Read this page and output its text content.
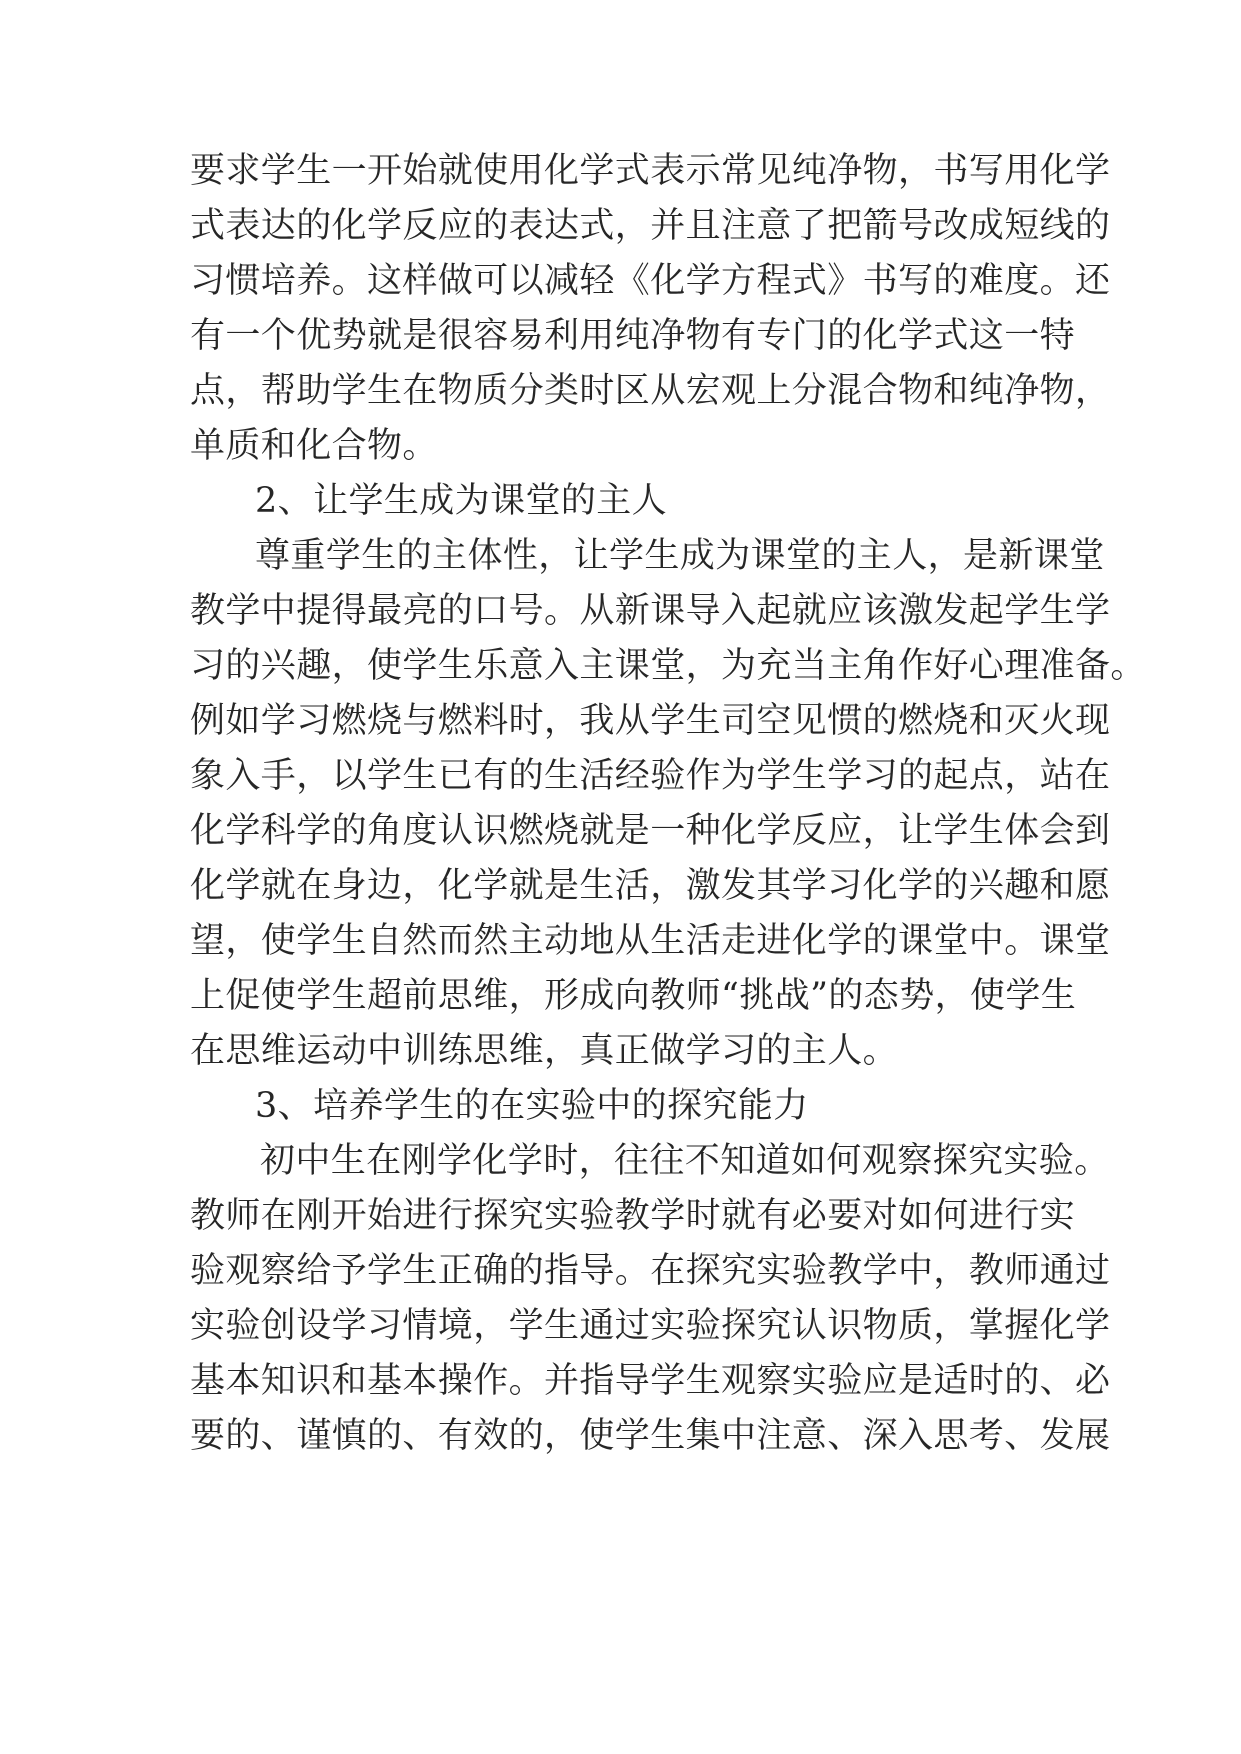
要求学生一开始就使用化学式表示常见纯净物，书写用化学
式表达的化学反应的表达式，并且注意了把箭号改成短线的
习惯培养。这样做可以减轻《化学方程式》书写的难度。还
有一个优势就是很容易利用纯净物有专门的化学式这一特
点，帮助学生在物质分类时区从宏观上分混合物和纯净物，
单质和化合物。
2、让学生成为课堂的主人
尊重学生的主体性，让学生成为课堂的主人，是新课堂
教学中提得最亮的口号。从新课导入起就应该激发起学生学
习的兴趣，使学生乐意入主课堂，为充当主角作好心理准备。
例如学习燃烧与燃料时，我从学生司空见惯的燃烧和灭火现
象入手，以学生已有的生活经验作为学生学习的起点，站在
化学科学的角度认识燃烧就是一种化学反应，让学生体会到
化学就在身边，化学就是生活，激发其学习化学的兴趣和愿
望，使学生自然而然主动地从生活走进化学的课堂中。课堂
上促使学生超前思维，形成向教师“挑战”的态势，使学生
在思维运动中训练思维，真正做学习的主人。
3、培养学生的在实验中的探究能力
初中生在刚学化学时，往往不知道如何观察探究实验。
教师在刚开始进行探究实验教学时就有必要对如何进行实
验观察给予学生正确的指导。在探究实验教学中，教师通过
实验创设学习情境，学生通过实验探究认识物质，掌握化学
基本知识和基本操作。并指导学生观察实验应是适时的、必
要的、谨慎的、有效的，使学生集中注意、深入思考、发展
